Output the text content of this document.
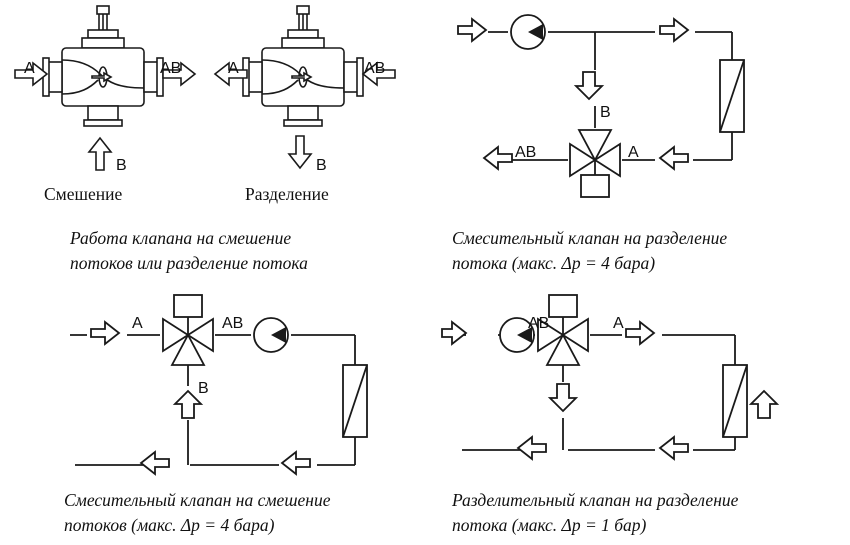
A	AB
B
A	AB
B
Смешение	Разделение
Работа клапана на смешение
потоков или разделение потока
AB	A
B
Смесительный клапан на разделение
потока (макс. Δp = 4 бара)
A	AB
B
Смесительный клапан на смешение
потоков (макс. Δp = 4 бара)
AB	A
Разделительный клапан на разделение
потока (макс. Δp = 1 бар)
